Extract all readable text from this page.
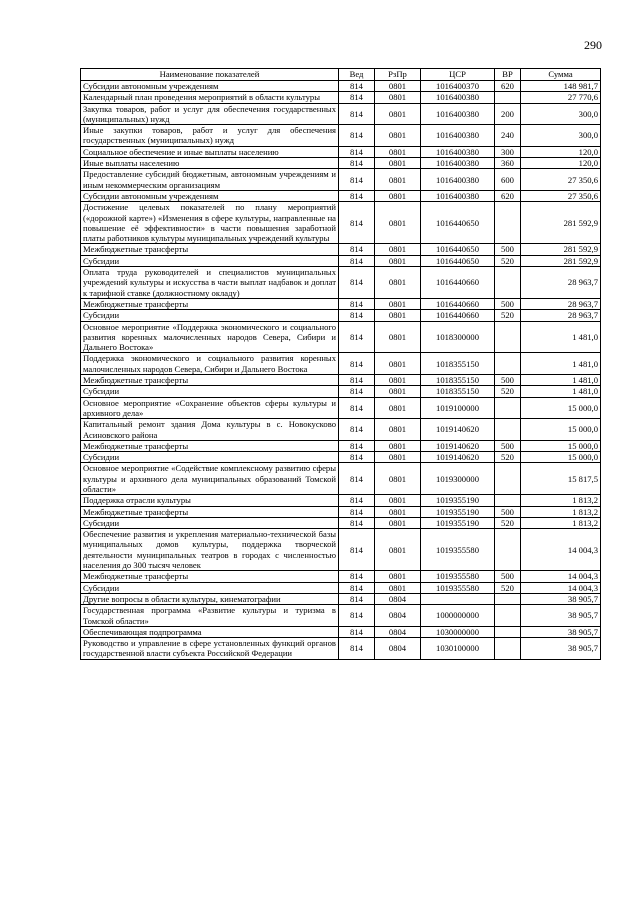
290
Наименование показателей	Вед	РзПр	ЦСР	ВР	Сумма
Субсидии автономным учреждениям	814	0801	1016400370	620	148 981,7
Календарный план проведения мероприятий в области культуры	814	0801	1016400380		27 770,6
Закупка товаров, работ и услуг для обеспечения государственных (муниципальных) нужд	814	0801	1016400380	200	300,0
Иные закупки товаров, работ и услуг для обеспечения государственных (муниципальных) нужд	814	0801	1016400380	240	300,0
Социальное обеспечение и иные выплаты населению	814	0801	1016400380	300	120,0
Иные выплаты населению	814	0801	1016400380	360	120,0
Предоставление субсидий бюджетным, автономным учреждениям и иным некоммерческим организациям	814	0801	1016400380	600	27 350,6
Субсидии автономным учреждениям	814	0801	1016400380	620	27 350,6
Достижение целевых показателей по плану мероприятий («дорожной карте») «Изменения в сфере культуры, направленные на повышение её эффективности» в части повышения заработной платы работников культуры муниципальных учреждений культуры	814	0801	1016440650		281 592,9
Межбюджетные трансферты	814	0801	1016440650	500	281 592,9
Субсидии	814	0801	1016440650	520	281 592,9
Оплата труда руководителей и специалистов муниципальных учреждений культуры и искусства в части выплат надбавок и доплат к тарифной ставке (должностному окладу)	814	0801	1016440660		28 963,7
Межбюджетные трансферты	814	0801	1016440660	500	28 963,7
Субсидии	814	0801	1016440660	520	28 963,7
Основное мероприятие «Поддержка экономического и социального развития коренных малочисленных народов Севера, Сибири и Дальнего Востока»	814	0801	1018300000		1 481,0
Поддержка экономического и социального развития коренных малочисленных народов Севера, Сибири и Дальнего Востока	814	0801	1018355150		1 481,0
Межбюджетные трансферты	814	0801	1018355150	500	1 481,0
Субсидии	814	0801	1018355150	520	1 481,0
Основное мероприятие «Сохранение объектов сферы культуры и архивного дела»	814	0801	1019100000		15 000,0
Капитальный ремонт здания Дома культуры в с. Новокусково Асиновского района	814	0801	1019140620		15 000,0
Межбюджетные трансферты	814	0801	1019140620	500	15 000,0
Субсидии	814	0801	1019140620	520	15 000,0
Основное мероприятие «Содействие комплексному развитию сферы культуры и архивного дела муниципальных образований Томской области»	814	0801	1019300000		15 817,5
Поддержка отрасли культуры	814	0801	1019355190		1 813,2
Межбюджетные трансферты	814	0801	1019355190	500	1 813,2
Субсидии	814	0801	1019355190	520	1 813,2
Обеспечение развития и укрепления материально-технической базы муниципальных домов культуры, поддержка творческой деятельности муниципальных театров в городах с численностью населения до 300 тысяч человек	814	0801	1019355580		14 004,3
Межбюджетные трансферты	814	0801	1019355580	500	14 004,3
Субсидии	814	0801	1019355580	520	14 004,3
Другие вопросы в области культуры, кинематографии	814	0804			38 905,7
Государственная программа «Развитие культуры и туризма в Томской области»	814	0804	1000000000		38 905,7
Обеспечивающая подпрограмма	814	0804	1030000000		38 905,7
Руководство и управление в сфере установленных функций органов государственной власти субъекта Российской Федерации	814	0804	1030100000		38 905,7
